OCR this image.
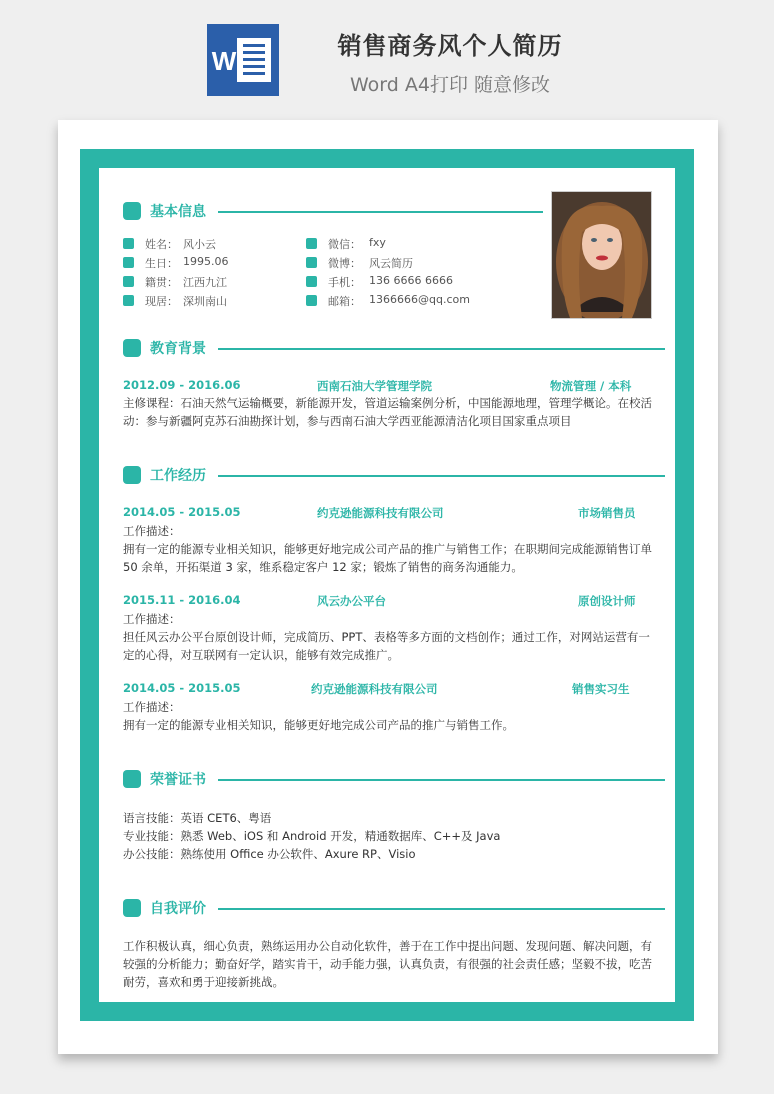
W	销售商务风个人简历
Word A4打印 随意修改
基本信息
姓名： 风小云
生日： 1995.06
籍贯： 江西九江
现居： 深圳南山
微信： fxy
微博： 风云简历
手机： 136 6666 6666
邮箱： 1366666@qq.com
教育背景
2012.09 - 2016.06	西南石油大学管理学院	物流管理 / 本科
主修课程：石油天然气运输概要，新能源开发，管道运输案例分析，中国能源地理，管理学概论。在校活
动：参与新疆阿克苏石油勘探计划，参与西南石油大学西亚能源清洁化项目国家重点项目
工作经历
2014.05 - 2015.05	约克逊能源科技有限公司	市场销售员
工作描述：
拥有一定的能源专业相关知识，能够更好地完成公司产品的推广与销售工作；在职期间完成能源销售订单
50 余单，开拓渠道 3 家，维系稳定客户 12 家；锻炼了销售的商务沟通能力。
2015.11 - 2016.04	风云办公平台	原创设计师
工作描述：
担任风云办公平台原创设计师，完成简历、PPT、表格等多方面的文档创作；通过工作，对网站运营有一
定的心得，对互联网有一定认识，能够有效完成推广。
2014.05 - 2015.05	约克逊能源科技有限公司	销售实习生
工作描述：
拥有一定的能源专业相关知识，能够更好地完成公司产品的推广与销售工作。
荣誉证书
语言技能：英语 CET6、粤语
专业技能：熟悉 Web、iOS 和 Android 开发，精通数据库、C++及 Java
办公技能：熟练使用 Office 办公软件、Axure RP、Visio
自我评价
工作积极认真，细心负责，熟练运用办公自动化软件，善于在工作中提出问题、发现问题、解决问题，有
较强的分析能力；勤奋好学，踏实肯干，动手能力强，认真负责，有很强的社会责任感；坚毅不拔，吃苦
耐劳，喜欢和勇于迎接新挑战。
